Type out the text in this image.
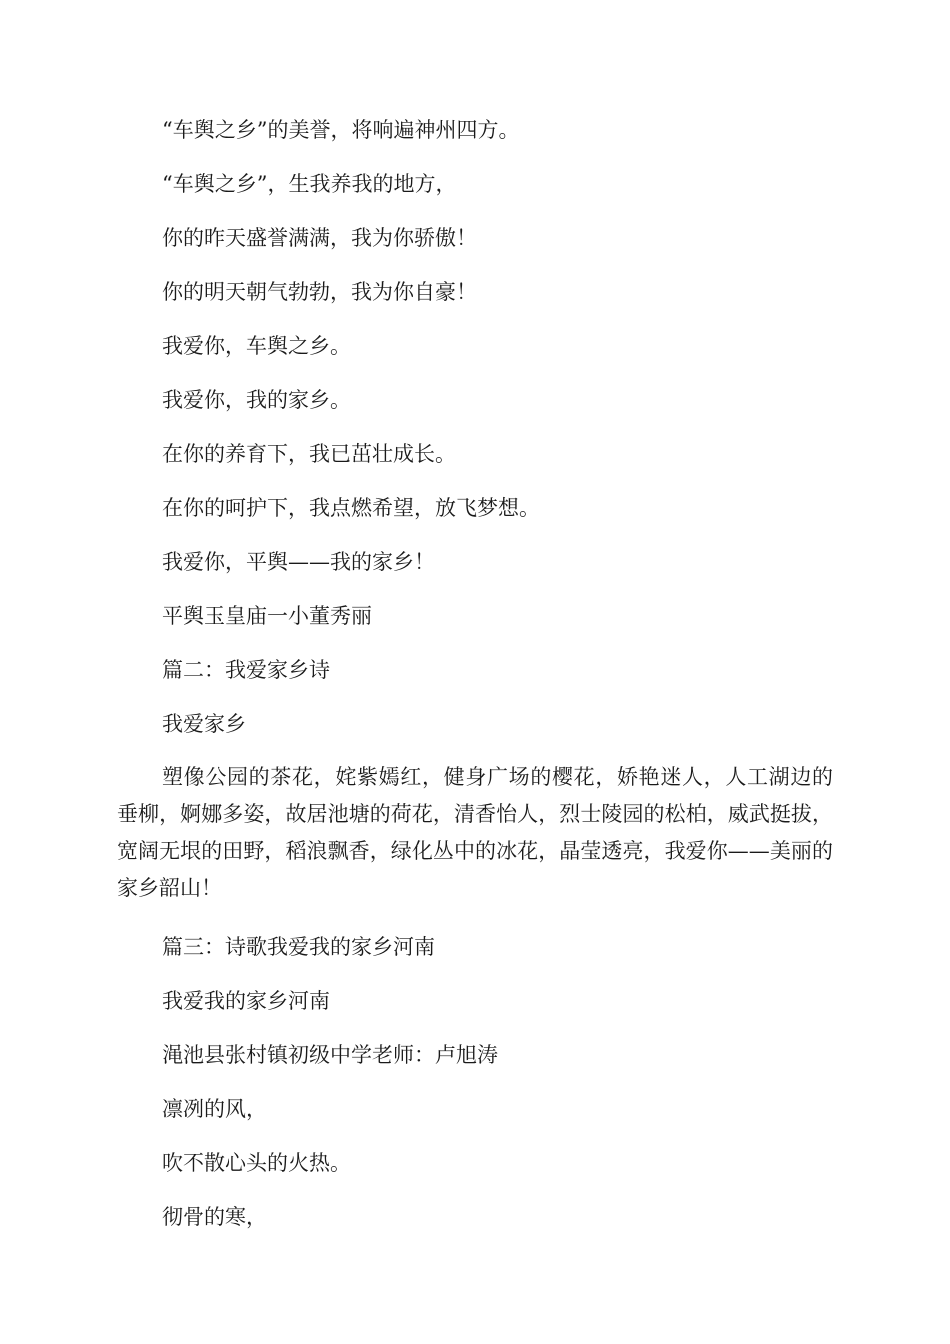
“车舆之乡”的美誉，将响遍神州四方。

“车舆之乡”，生我养我的地方，

你的昨天盛誉满满，我为你骄傲！

你的明天朝气勃勃，我为你自豪！

我爱你，车舆之乡。

我爱你，我的家乡。

在你的养育下，我已茁壮成长。

在你的呵护下，我点燃希望，放飞梦想。

我爱你，平舆——我的家乡！

平舆玉皇庙一小董秀丽

篇二：我爱家乡诗

我爱家乡

塑像公园的茶花，姹紫嫣红，健身广场的樱花，娇艳迷人，人工湖边的垂柳，婀娜多姿，故居池塘的荷花，清香怡人，烈士陵园的松柏，威武挺拔，宽阔无垠的田野，稻浪飘香，绿化丛中的冰花，晶莹透亮，我爱你——美丽的家乡韶山！

篇三：诗歌我爱我的家乡河南

我爱我的家乡河南

渑池县张村镇初级中学老师：卢旭涛

凛冽的风，

吹不散心头的火热。

彻骨的寒，
